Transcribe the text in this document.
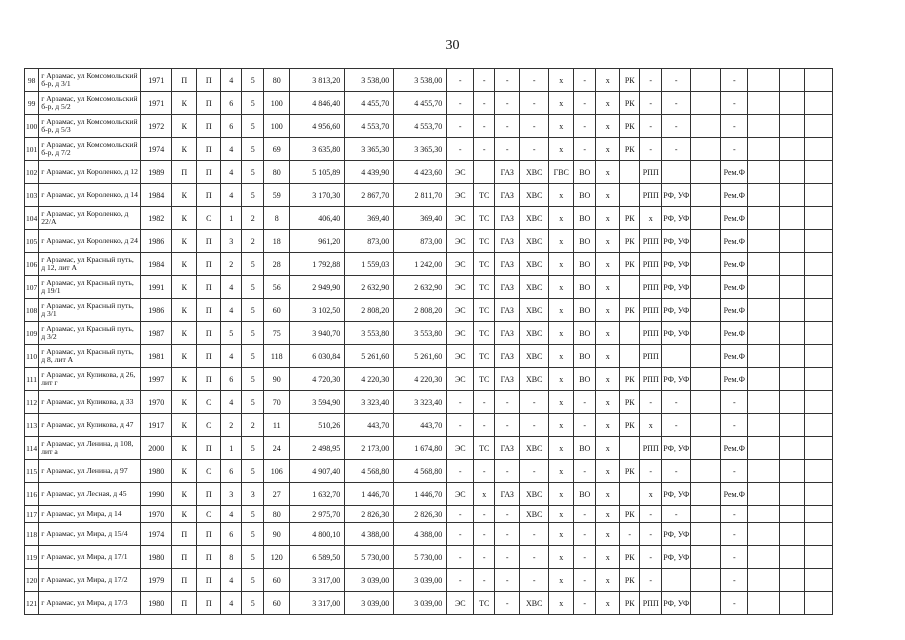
30
98	г Арзамас, ул Комсомольский б-р, д 3/1	1971	П	П	4	5	80	3 813,20	3 538,00	3 538,00	-	-	-	-	х	-	х	РК	-	-		-			
99	г Арзамас, ул Комсомольский б-р, д 5/2	1971	К	П	6	5	100	4 846,40	4 455,70	4 455,70	-	-	-	-	х	-	х	РК	-	-		-			
100	г Арзамас, ул Комсомольский б-р, д 5/3	1972	К	П	6	5	100	4 956,60	4 553,70	4 553,70	-	-	-	-	х	-	х	РК	-	-		-			
101	г Арзамас, ул Комсомольский б-р, д 7/2	1974	К	П	4	5	69	3 635,80	3 365,30	3 365,30	-	-	-	-	х	-	х	РК	-	-		-			
102	г Арзамас, ул Короленко, д 12	1989	П	П	4	5	80	5 105,89	4 439,90	4 423,60	ЭС		ГАЗ	ХВС	ГВС	ВО	х		РПП			Рем.Ф			
103	г Арзамас, ул Короленко, д 14	1984	К	П	4	5	59	3 170,30	2 867,70	2 811,70	ЭС	ТС	ГАЗ	ХВС	х	ВО	х		РПП	РФ, УФ		Рем.Ф			
104	г Арзамас, ул Короленко, д 22/А	1982	К	С	1	2	8	406,40	369,40	369,40	ЭС	ТС	ГАЗ	ХВС	х	ВО	х	РК	х	РФ, УФ		Рем.Ф			
105	г Арзамас, ул Короленко, д 24	1986	К	П	3	2	18	961,20	873,00	873,00	ЭС	ТС	ГАЗ	ХВС	х	ВО	х	РК	РПП	РФ, УФ		Рем.Ф			
106	г Арзамас, ул Красный путь, д 12, лит А	1984	К	П	2	5	28	1 792,88	1 559,03	1 242,00	ЭС	ТС	ГАЗ	ХВС	х	ВО	х	РК	РПП	РФ, УФ		Рем.Ф			
107	г Арзамас, ул Красный путь, д 19/1	1991	К	П	4	5	56	2 949,90	2 632,90	2 632,90	ЭС	ТС	ГАЗ	ХВС	х	ВО	х		РПП	РФ, УФ		Рем.Ф			
108	г Арзамас, ул Красный путь, д 3/1	1986	К	П	4	5	60	3 102,50	2 808,20	2 808,20	ЭС	ТС	ГАЗ	ХВС	х	ВО	х	РК	РПП	РФ, УФ		Рем.Ф			
109	г Арзамас, ул Красный путь, д 3/2	1987	К	П	5	5	75	3 940,70	3 553,80	3 553,80	ЭС	ТС	ГАЗ	ХВС	х	ВО	х		РПП	РФ, УФ		Рем.Ф			
110	г Арзамас, ул Красный путь, д 8, лит А	1981	К	П	4	5	118	6 030,84	5 261,60	5 261,60	ЭС	ТС	ГАЗ	ХВС	х	ВО	х		РПП			Рем.Ф			
111	г Арзамас, ул Куликова, д 26, лит г	1997	К	П	6	5	90	4 720,30	4 220,30	4 220,30	ЭС	ТС	ГАЗ	ХВС	х	ВО	х	РК	РПП	РФ, УФ		Рем.Ф			
112	г Арзамас, ул Куликова, д 33	1970	К	С	4	5	70	3 594,90	3 323,40	3 323,40	-	-	-	-	х	-	х	РК	-	-		-			
113	г Арзамас, ул Куликова, д 47	1917	К	С	2	2	11	510,26	443,70	443,70	-	-	-	-	х	-	х	РК	х	-		-			
114	г Арзамас, ул Ленина, д 108, лит а	2000	К	П	1	5	24	2 498,95	2 173,00	1 674,80	ЭС	ТС	ГАЗ	ХВС	х	ВО	х		РПП	РФ, УФ		Рем.Ф			
115	г Арзамас, ул Ленина, д 97	1980	К	С	6	5	106	4 907,40	4 568,80	4 568,80	-	-	-	-	х	-	х	РК	-	-		-			
116	г Арзамас, ул Лесная, д 45	1990	К	П	3	3	27	1 632,70	1 446,70	1 446,70	ЭС	х	ГАЗ	ХВС	х	ВО	х		х	РФ, УФ		Рем.Ф			
117	г Арзамас, ул Мира, д 14	1970	К	С	4	5	80	2 975,70	2 826,30	2 826,30	-	-	-	ХВС	х	-	х	РК	-	-		-			
118	г Арзамас, ул Мира, д 15/4	1974	П	П	6	5	90	4 800,10	4 388,00	4 388,00	-	-	-	-	х	-	х	-	-	РФ, УФ		-			
119	г Арзамас, ул Мира, д 17/1	1980	П	П	8	5	120	6 589,50	5 730,00	5 730,00	-	-	-	-	х	-	х	РК	-	РФ, УФ		-			
120	г Арзамас, ул Мира, д 17/2	1979	П	П	4	5	60	3 317,00	3 039,00	3 039,00	-	-	-	-	х	-	х	РК	-			-			
121	г Арзамас, ул Мира, д 17/3	1980	П	П	4	5	60	3 317,00	3 039,00	3 039,00	ЭС	ТС	-	ХВС	х	-	х	РК	РПП	РФ, УФ		-			
